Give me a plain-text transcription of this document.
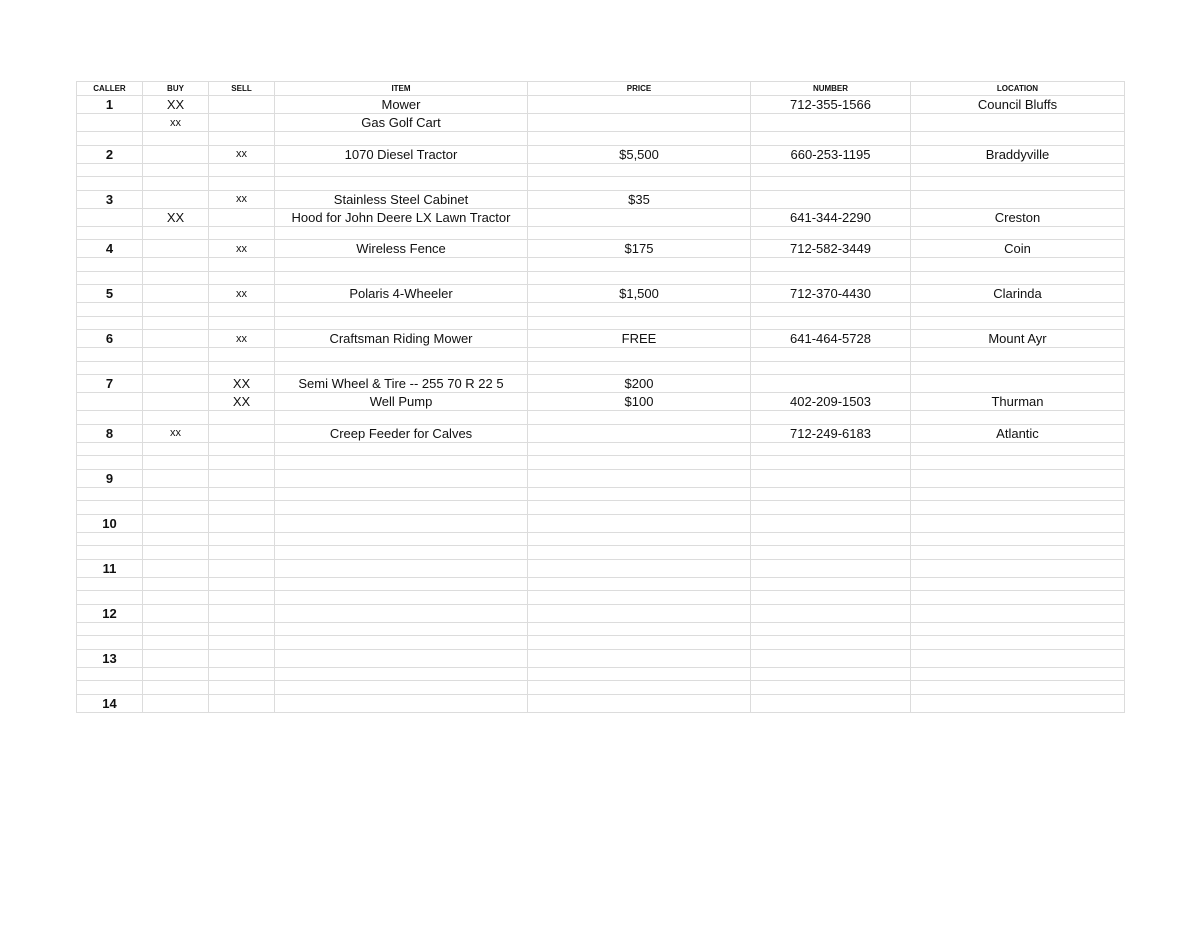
CALLER	BUY	SELL	ITEM	PRICE	NUMBER	LOCATION
1	XX		Mower		712-355-1566	Council Bluffs
	xx		Gas Golf Cart			

2		xx	1070 Diesel Tractor	$5,500	660-253-1195	Braddyville

3		xx	Stainless Steel Cabinet	$35		
	XX		Hood for John Deere LX Lawn Tractor		641-344-2290	Creston

4		xx	Wireless Fence	$175	712-582-3449	Coin

5		xx	Polaris 4-Wheeler	$1,500	712-370-4430	Clarinda

6		xx	Craftsman Riding Mower	FREE	641-464-5728	Mount Ayr

7		XX	Semi Wheel & Tire -- 255 70 R 22 5	$200		
		XX	Well Pump	$100	402-209-1503	Thurman

8	xx		Creep Feeder for Calves		712-249-6183	Atlantic

9						

10						

11						

12						

13						

14						
